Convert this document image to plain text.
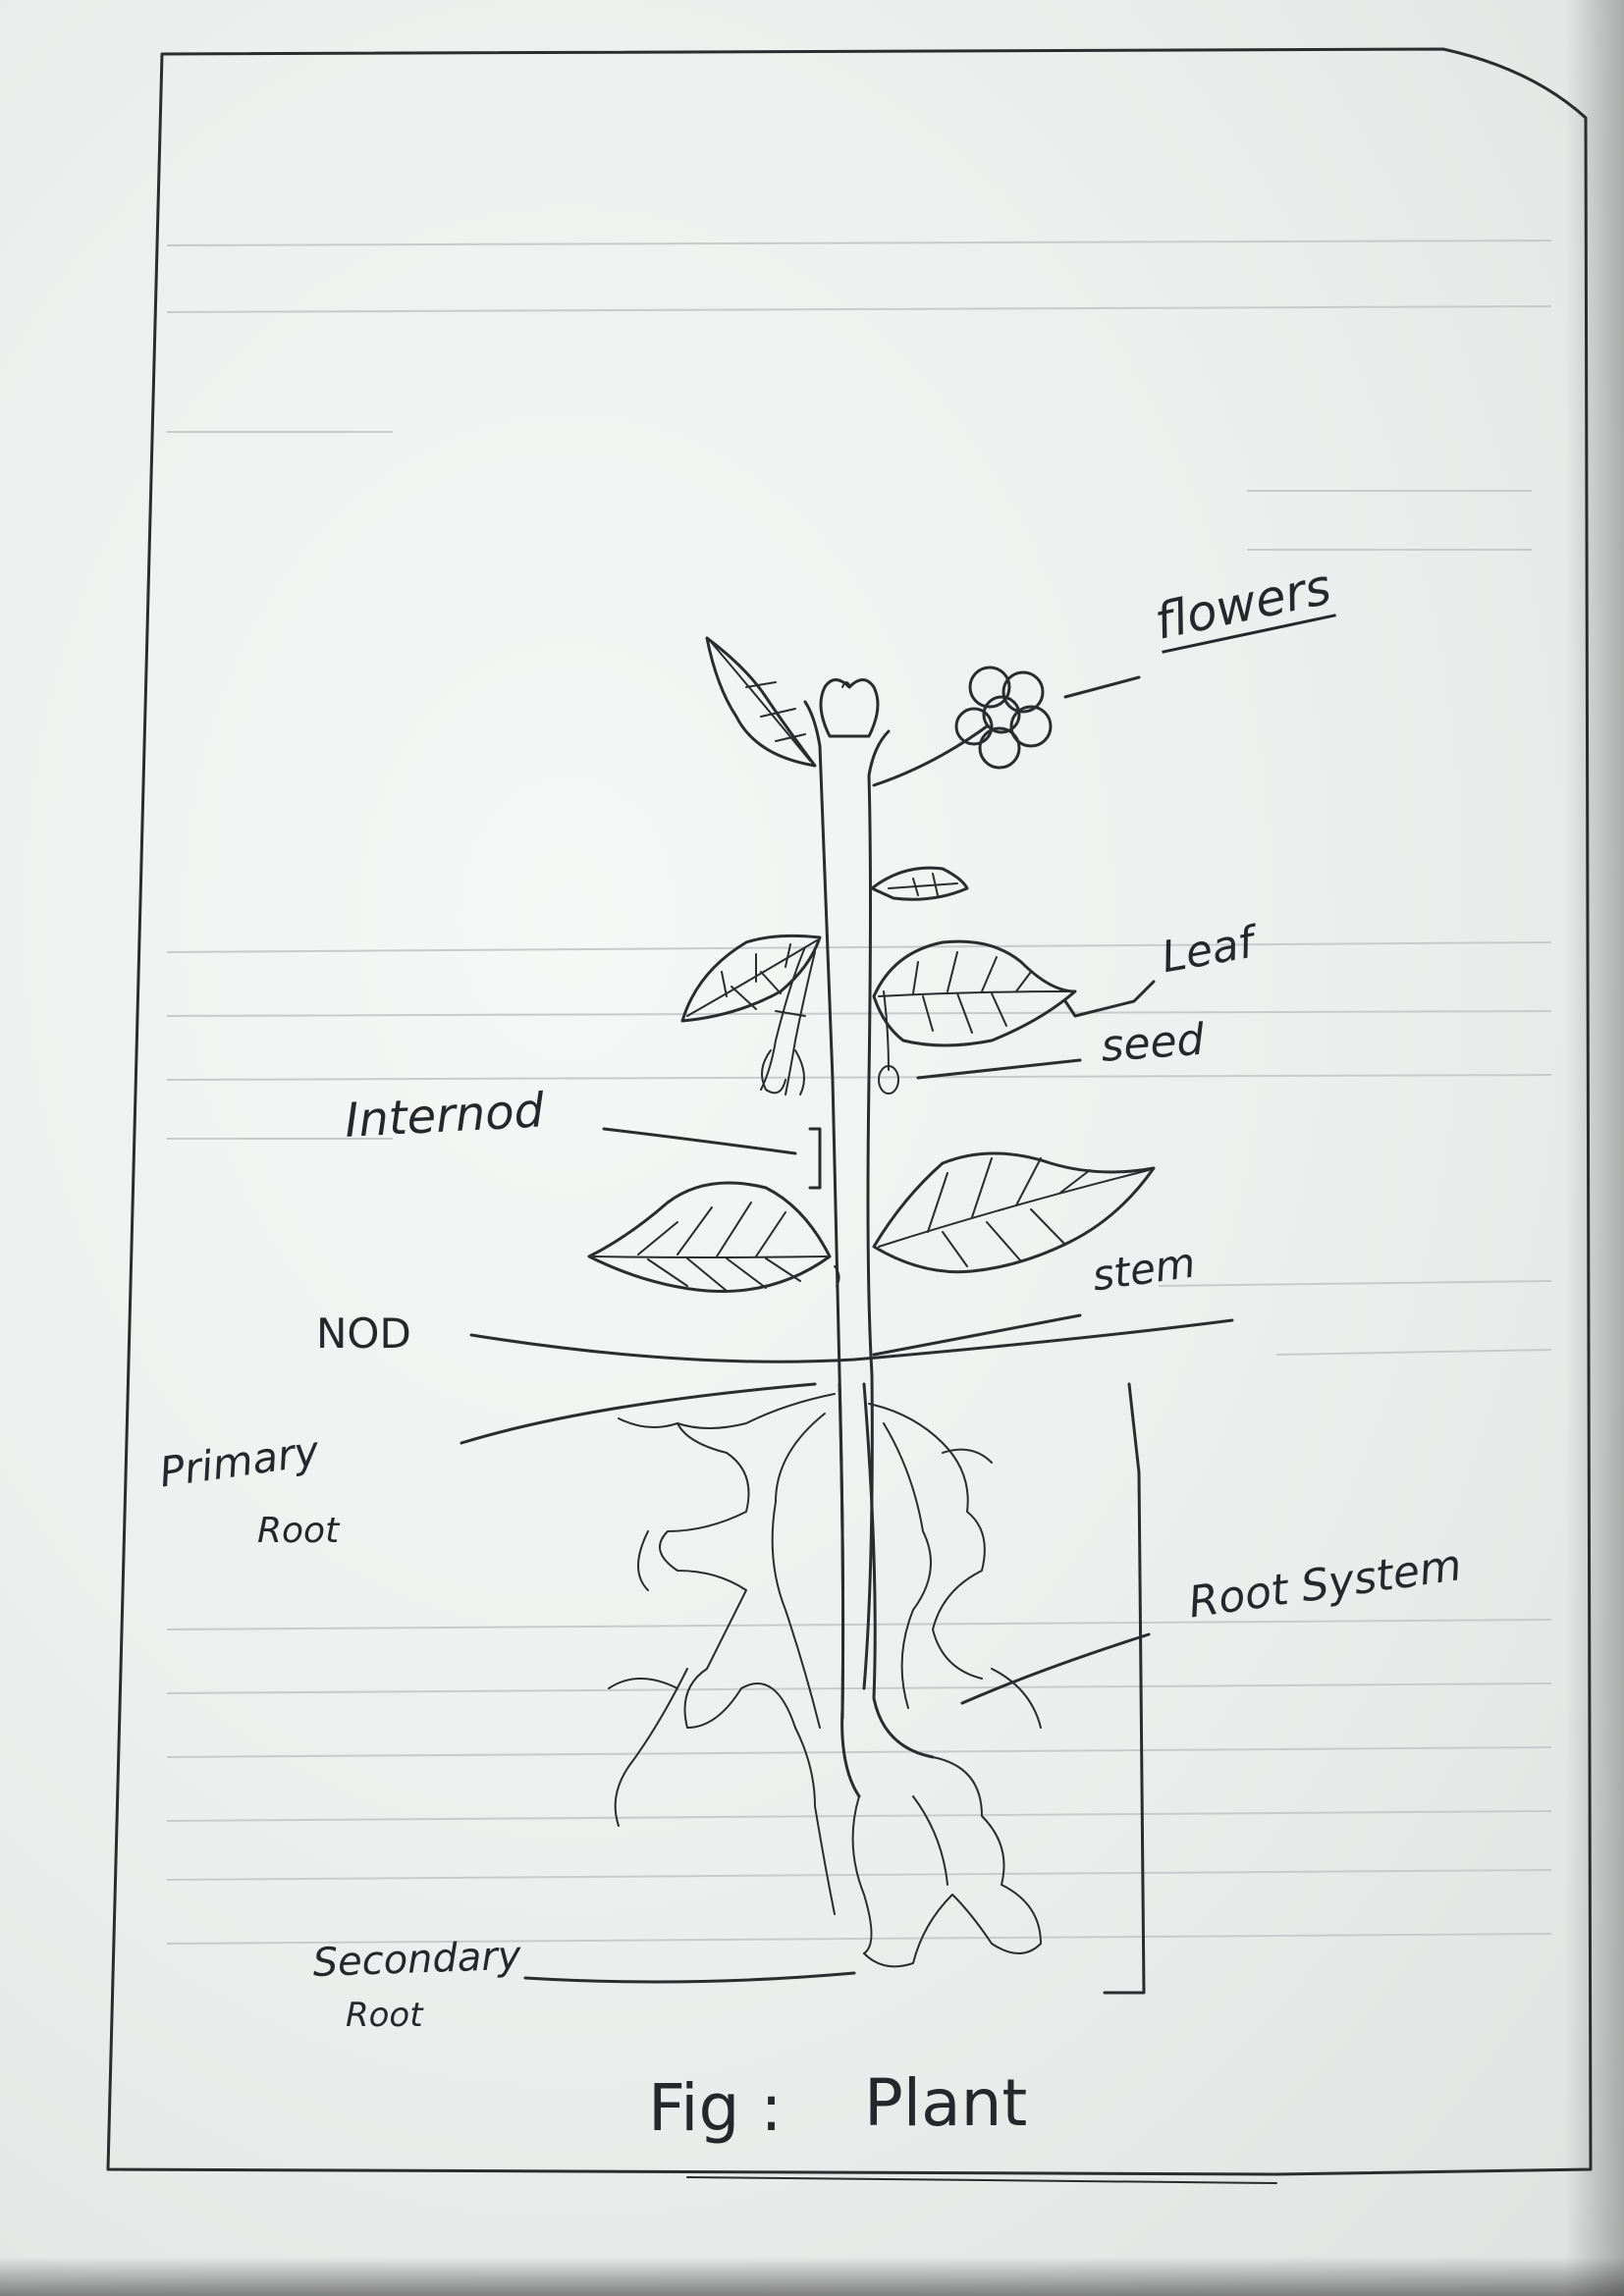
flowers
Leaf
seed
Internod
stem
NOD
Primary
Root
Root System
Secondary
Root
Fig : Plant
